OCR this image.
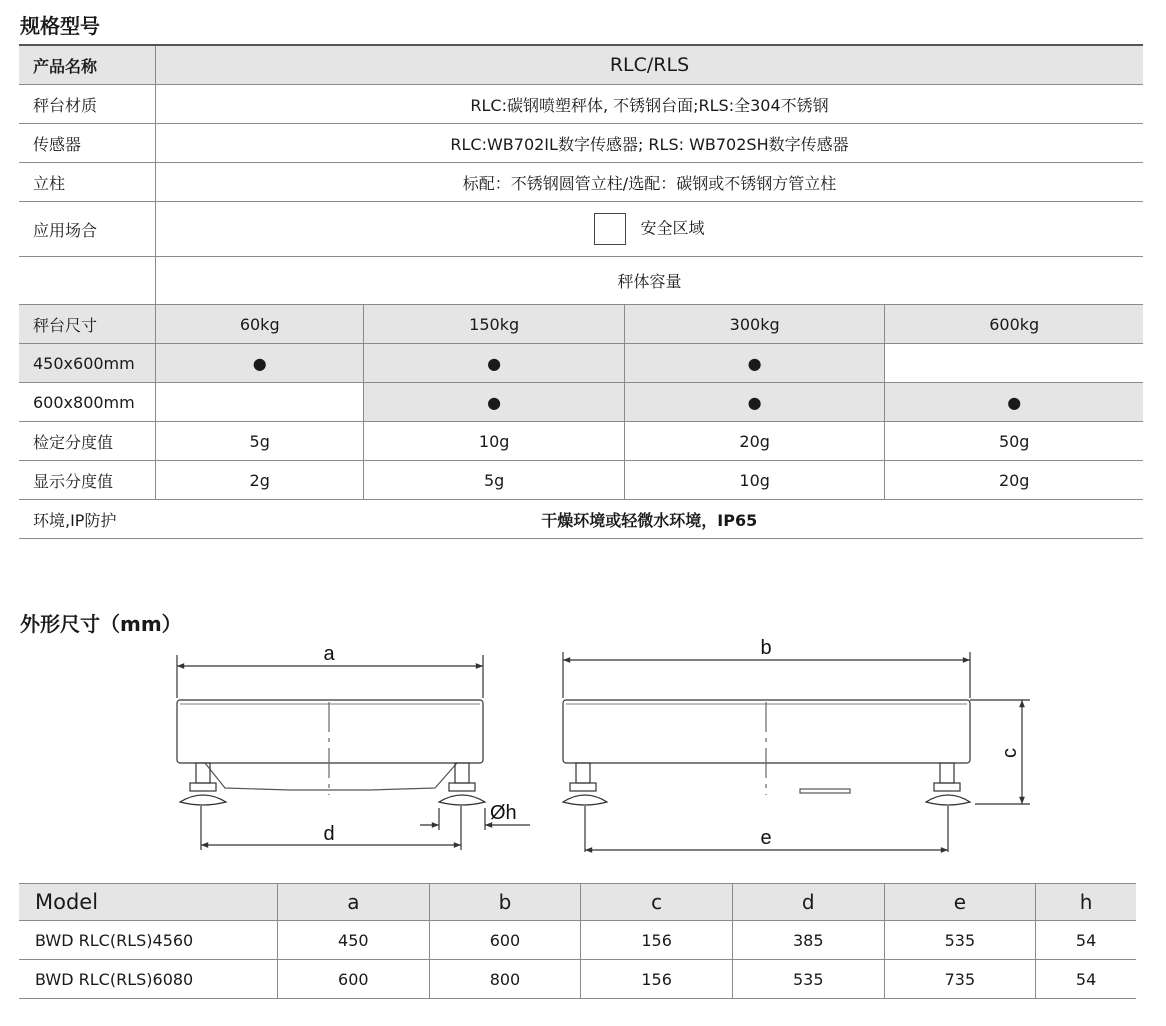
规格型号
产品名称	RLC/RLS			
秤台材质	RLC:碳钢喷塑秤体, 不锈钢台面;RLS:全304不锈钢			
传感器	RLC:WB702IL数字传感器; RLS: WB702SH数字传感器			
立柱	标配：不锈钢圆管立柱/选配：碳钢或不锈钢方管立柱			
应用场合	安全区域			
	秤体容量			
秤台尺寸	60kg	150kg	300kg	600kg
450x600mm	●	●	●	
600x800mm		●	●	●
检定分度值	5g	10g	20g	50g
显示分度值	2g	5g	10g	20g
环境,IP防护	干燥环境或轻微水环境，IP65			
外形尺寸（mm）
a	b
c
d	e
Øh
Model	a	b	c	d	e	h
BWD RLC(RLS)4560	450	600	156	385	535	54
BWD RLC(RLS)6080	600	800	156	535	735	54
